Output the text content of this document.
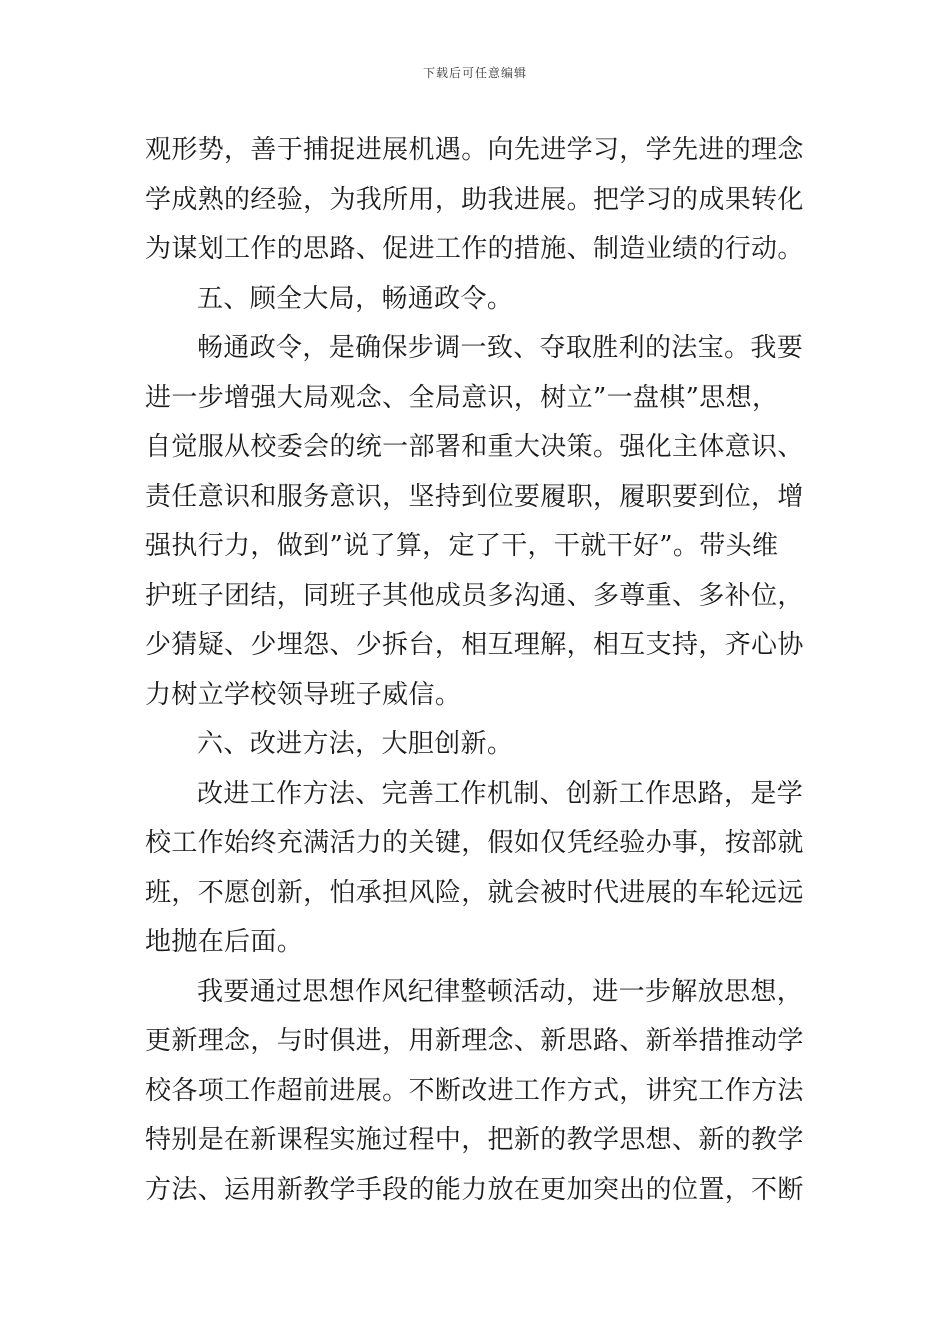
下载后可任意编辑
观形势，善于捕捉进展机遇。向先进学习，学先进的理念
学成熟的经验，为我所用，助我进展。把学习的成果转化
为谋划工作的思路、促进工作的措施、制造业绩的行动。
五、顾全大局，畅通政令。
畅通政令，是确保步调一致、夺取胜利的法宝。我要
进一步增强大局观念、全局意识，树立”一盘棋”思想，
自觉服从校委会的统一部署和重大决策。强化主体意识、
责任意识和服务意识，坚持到位要履职，履职要到位，增
强执行力，做到”说了算，定了干，干就干好”。带头维
护班子团结，同班子其他成员多沟通、多尊重、多补位，
少猜疑、少埋怨、少拆台，相互理解，相互支持，齐心协
力树立学校领导班子威信。
六、改进方法，大胆创新。
改进工作方法、完善工作机制、创新工作思路，是学
校工作始终充满活力的关键，假如仅凭经验办事，按部就
班，不愿创新，怕承担风险，就会被时代进展的车轮远远
地抛在后面。
我要通过思想作风纪律整顿活动，进一步解放思想，
更新理念，与时俱进，用新理念、新思路、新举措推动学
校各项工作超前进展。不断改进工作方式，讲究工作方法
特别是在新课程实施过程中，把新的教学思想、新的教学
方法、运用新教学手段的能力放在更加突出的位置，不断
